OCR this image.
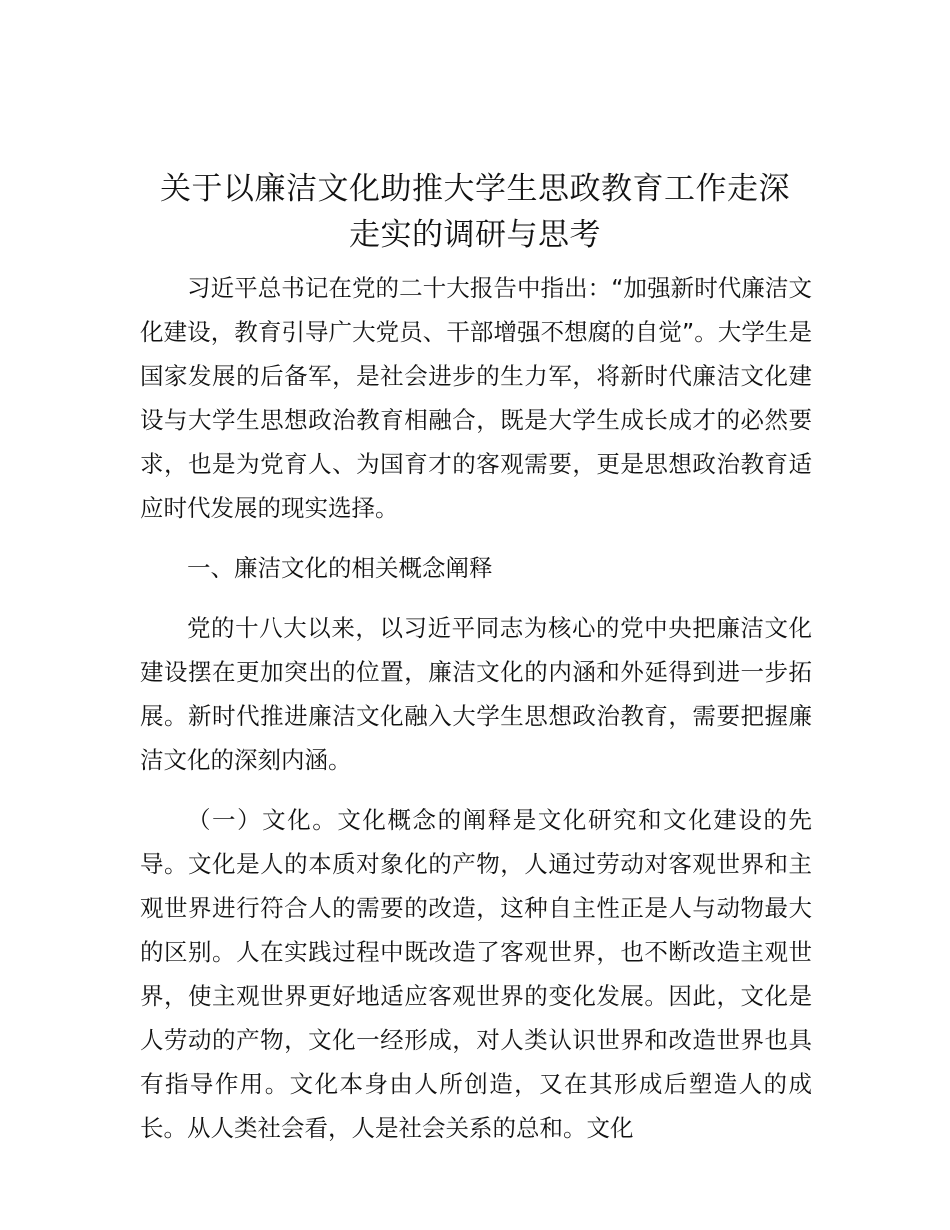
关于以廉洁文化助推大学生思政教育工作走深
走实的调研与思考

习近平总书记在党的二十大报告中指出：“加强新时代廉洁文化建设，教育引导广大党员、干部增强不想腐的自觉”。大学生是国家发展的后备军，是社会进步的生力军，将新时代廉洁文化建设与大学生思想政治教育相融合，既是大学生成长成才的必然要求，也是为党育人、为国育才的客观需要，更是思想政治教育适应时代发展的现实选择。

一、廉洁文化的相关概念阐释

党的十八大以来，以习近平同志为核心的党中央把廉洁文化建设摆在更加突出的位置，廉洁文化的内涵和外延得到进一步拓展。新时代推进廉洁文化融入大学生思想政治教育，需要把握廉洁文化的深刻内涵。

（一）文化。文化概念的阐释是文化研究和文化建设的先导。文化是人的本质对象化的产物，人通过劳动对客观世界和主观世界进行符合人的需要的改造，这种自主性正是人与动物最大的区别。人在实践过程中既改造了客观世界，也不断改造主观世界，使主观世界更好地适应客观世界的变化发展。因此，文化是人劳动的产物，文化一经形成，对人类认识世界和改造世界也具有指导作用。文化本身由人所创造，又在其形成后塑造人的成长。从人类社会看，人是社会关系的总和。文化
